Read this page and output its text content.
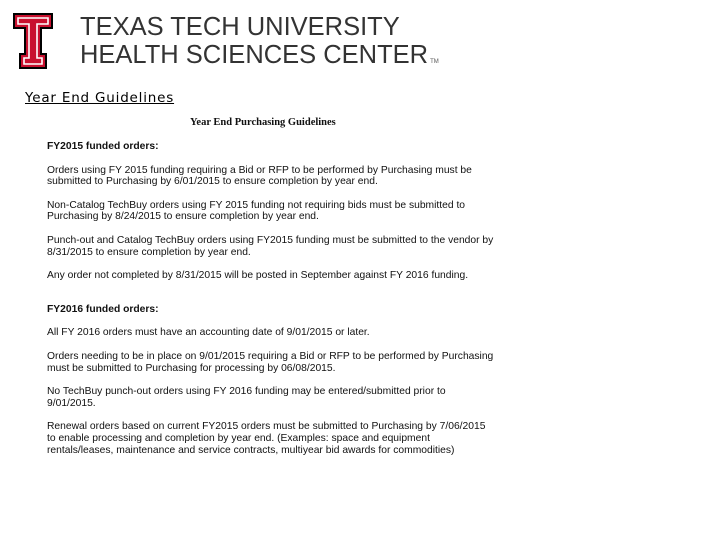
TEXAS TECH UNIVERSITY
HEALTH SCIENCES CENTER TM
Year End Guidelines
Year End Purchasing Guidelines

FY2015 funded orders:

Orders using FY 2015 funding requiring a Bid or RFP to be performed by Purchasing must be submitted to Purchasing by 6/01/2015 to ensure completion by year end.

Non-Catalog TechBuy orders using FY 2015 funding not requiring bids must be submitted to Purchasing by 8/24/2015 to ensure completion by year end.

Punch-out and Catalog TechBuy orders using FY2015 funding must be submitted to the vendor by 8/31/2015 to ensure completion by year end.

Any order not completed by 8/31/2015 will be posted in September against FY 2016 funding.

FY2016 funded orders:

All FY 2016 orders must have an accounting date of 9/01/2015 or later.

Orders needing to be in place on 9/01/2015 requiring a Bid or RFP to be performed by Purchasing must be submitted to Purchasing for processing by 06/08/2015.

No TechBuy punch-out orders using FY 2016 funding may be entered/submitted prior to 9/01/2015.

Renewal orders based on current FY2015 orders must be submitted to Purchasing by 7/06/2015 to enable processing and completion by year end. (Examples: space and equipment rentals/leases, maintenance and service contracts, multiyear bid awards for commodities)
